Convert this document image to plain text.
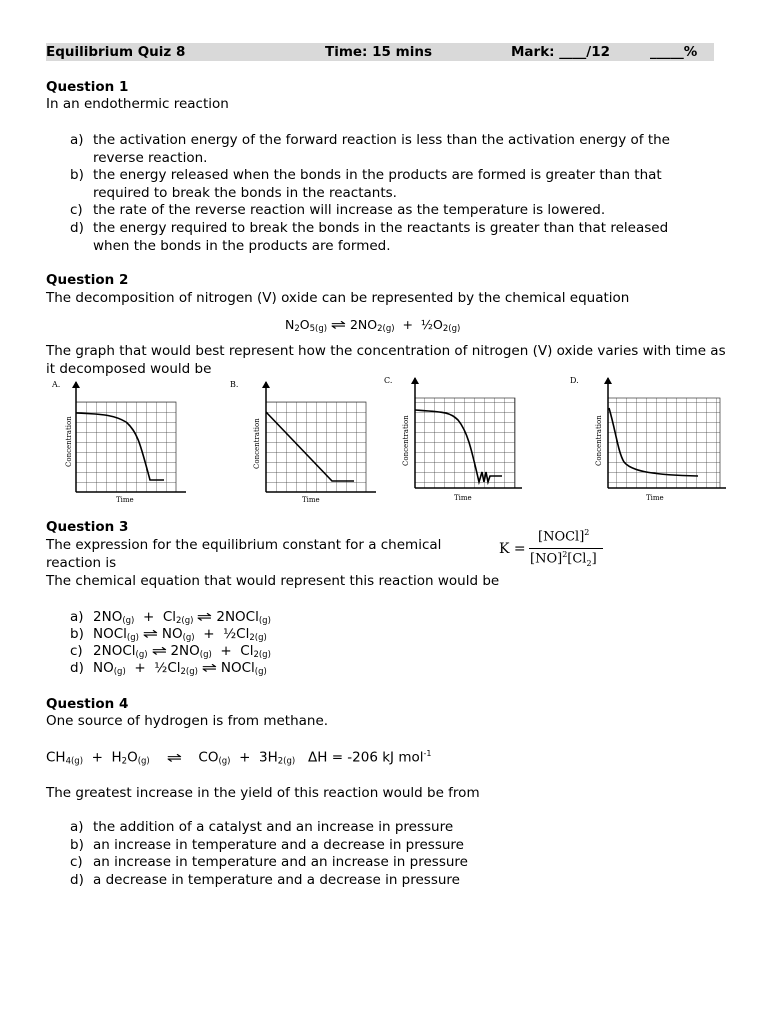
Equilibrium Quiz 8	Time: 15 mins	Mark: ____/12	_____%
Question 1
In an endothermic reaction
a) the activation energy of the forward reaction is less than the activation energy of the reverse reaction.
b) the energy released when the bonds in the products are formed is greater than that required to break the bonds in the reactants.
c) the rate of the reverse reaction will increase as the temperature is lowered.
d) the energy required to break the bonds in the reactants is greater than that released when the bonds in the products are formed.
Question 2
The decomposition of nitrogen (V) oxide can be represented by the chemical equation
$N_2O_{5(g)}$ ⇌ $2NO_{2(g)}$  +  $\frac{1}{2}O_{2(g)}$
The graph that would best represent how the concentration of nitrogen (V) oxide varies with time as it decomposed would be
A.
Concentration
Time
B.
Concentration
Time
C.
Concentration
Time
D.
Concentration
Time
Question 3
The expression for the equilibrium constant for a chemical reaction is
K =
[NOCl]$^2$
$[NO]^2[Cl_2]$
The chemical equation that would represent this reaction would be
a) $2NO_{(g)} + Cl_{2(g)}$ ⇌ 2NOCl$_{(g)}$
b) NOCl$_{(g)}$ ⇌ $NO_{(g)}$  +  $\frac{1}{2}Cl_{2(g)}$
c) 2NOCl$_{(g)}$ ⇌ $2NO_{(g)} + Cl_{2(g)}$
d) $NO_{(g)}$  +  $\frac{1}{2}Cl_{2(g)}$ ⇌ NOCl$_{(g)}$
Question 4
One source of hydrogen is from methane.
$CH_{4(g)} + H_2O_{(g)}$ ⇌   $CO_{(g)} + 3H_{2(g)}$ ΔH = -206 kJ mol$^{-1}$
The greatest increase in the yield of this reaction would be from
a) the addition of a catalyst and an increase in pressure
b) an increase in temperature and a decrease in pressure
c) an increase in temperature and an increase in pressure
d) a decrease in temperature and a decrease in pressure
